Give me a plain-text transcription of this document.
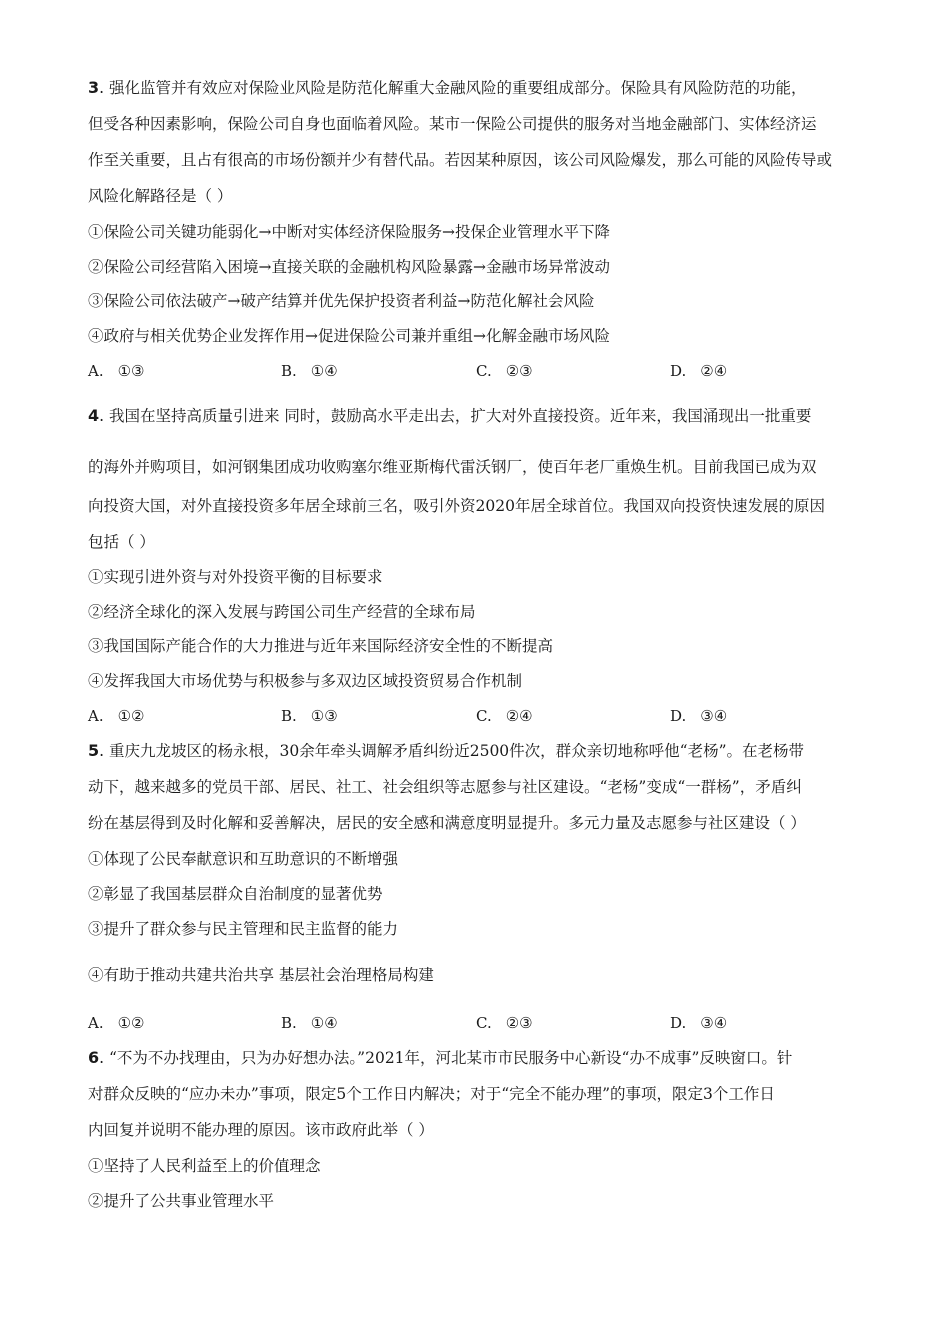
3. 强化监管并有效应对保险业风险是防范化解重大金融风险的重要组成部分。保险具有风险防范的功能，
但受各种因素影响，保险公司自身也面临着风险。某市一保险公司提供的服务对当地金融部门、实体经济运
作至关重要，且占有很高的市场份额并少有替代品。若因某种原因，该公司风险爆发，那么可能的风险传导或
风险化解路径是（ ）
①保险公司关键功能弱化→中断对实体经济保险服务→投保企业管理水平下降
②保险公司经营陷入困境→直接关联的金融机构风险暴露→金融市场异常波动
③保险公司依法破产→破产结算并优先保护投资者利益→防范化解社会风险
④政府与相关优势企业发挥作用→促进保险公司兼并重组→化解金融市场风险
A. ①③	B. ①④	C. ②③	D. ②④
4. 我国在坚持高质量引进来 同时，鼓励高水平走出去，扩大对外直接投资。近年来，我国涌现出一批重要
的海外并购项目，如河钢集团成功收购塞尔维亚斯梅代雷沃钢厂，使百年老厂重焕生机。目前我国已成为双
向投资大国，对外直接投资多年居全球前三名，吸引外资2020年居全球首位。我国双向投资快速发展的原因
包括（ ）
①实现引进外资与对外投资平衡的目标要求
②经济全球化的深入发展与跨国公司生产经营的全球布局
③我国国际产能合作的大力推进与近年来国际经济安全性的不断提高
④发挥我国大市场优势与积极参与多双边区域投资贸易合作机制
A. ①②	B. ①③	C. ②④	D. ③④
5. 重庆九龙坡区的杨永根，30余年牵头调解矛盾纠纷近2500件次，群众亲切地称呼他“老杨”。在老杨带
动下，越来越多的党员干部、居民、社工、社会组织等志愿参与社区建设。“老杨”变成“一群杨”，矛盾纠
纷在基层得到及时化解和妥善解决，居民的安全感和满意度明显提升。多元力量及志愿参与社区建设（ ）
①体现了公民奉献意识和互助意识的不断增强
②彰显了我国基层群众自治制度的显著优势
③提升了群众参与民主管理和民主监督的能力
④有助于推动共建共治共享 基层社会治理格局构建
A. ①②	B. ①④	C. ②③	D. ③④
6. “不为不办找理由，只为办好想办法。”2021年，河北某市市民服务中心新设“办不成事”反映窗口。针
对群众反映的“应办未办”事项，限定5个工作日内解决；对于“完全不能办理”的事项，限定3个工作日
内回复并说明不能办理的原因。该市政府此举（ ）
①坚持了人民利益至上的价值理念
②提升了公共事业管理水平
